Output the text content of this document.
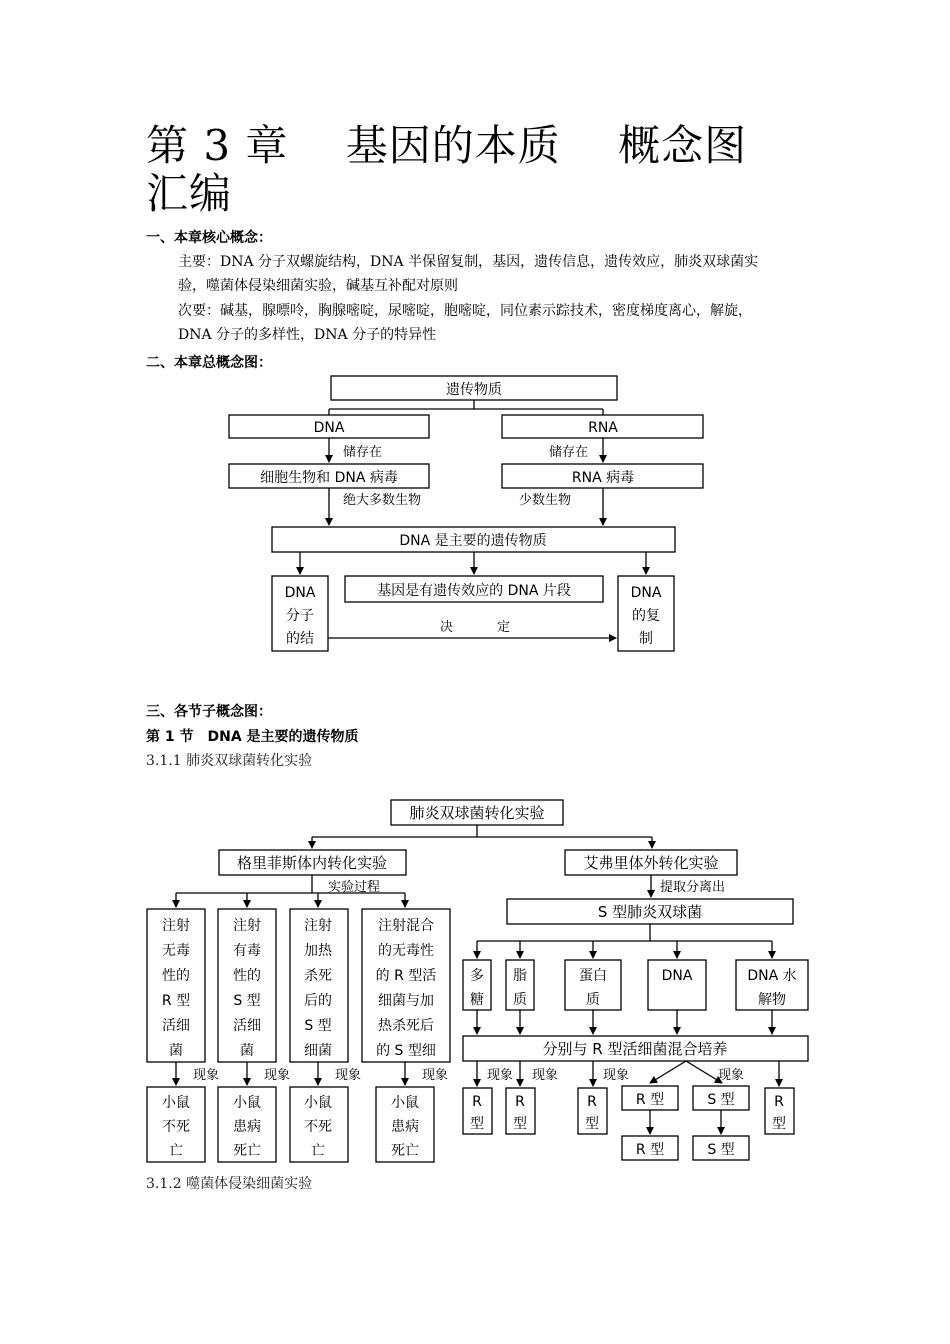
第 3 章　 基因的本质　 概念图汇编
一、本章核心概念：
主要：DNA 分子双螺旋结构，DNA 半保留复制，基因，遗传信息，遗传效应，肺炎双球菌实
验，噬菌体侵染细菌实验，碱基互补配对原则
次要：碱基，腺嘌呤，胸腺嘧啶，尿嘧啶，胞嘧啶，同位素示踪技术，密度梯度离心，解旋，
DNA 分子的多样性，DNA 分子的特异性
二、本章总概念图：
三、各节子概念图：
第 1 节　DNA 是主要的遗传物质
3.1.1 肺炎双球菌转化实验
3.1.2 噬菌体侵染细菌实验
遗传物质
DNA	RNA
储存在	储存在
细胞生物和 DNA 病毒	RNA 病毒
绝大多数生物	少数生物
DNA 是主要的遗传物质
DNA
分子
的结
基因是有遗传效应的 DNA 片段	DNA
的复
制
决	定
肺炎双球菌转化实验
格里菲斯体内转化实验	艾弗里体外转化实验
实验过程	提取分离出
S 型肺炎双球菌
注射
无毒
性的
R 型
活细
菌
注射
有毒
性的
S 型
活细
菌
注射
加热
杀死
后的
S 型
细菌
注射混合
的无毒性
的 R 型活
细菌与加
热杀死后
的 S 型细
现象	现象	现象	现象
小鼠
不死
亡
小鼠
患病
死亡
小鼠
不死
亡
小鼠
患病
死亡
多
糖
脂
质
蛋白
质
DNA	DNA 水
解物
分别与 R 型活细菌混合培养
现象 现象	现象	现象
R
型
R
型
R
型
R
型
R 型	S 型
R 型	S 型
